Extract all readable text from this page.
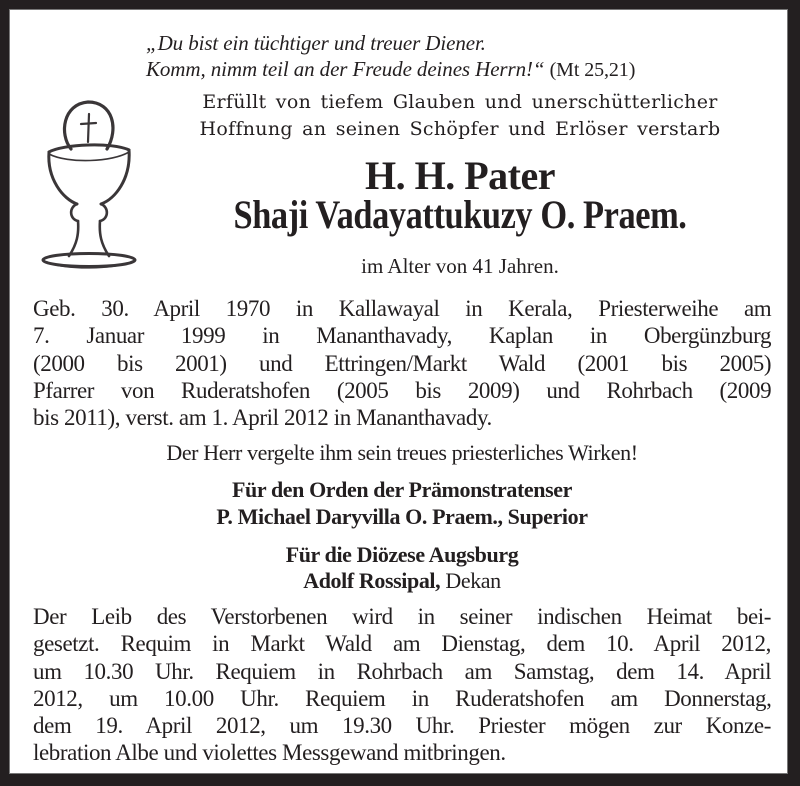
„Du bist ein tüchtiger und treuer Diener.
Komm, nimm teil an der Freude deines Herrn!“ (Mt 25,21)
Erfüllt von tiefem Glauben und unerschütterlicher
Hoffnung an seinen Schöpfer und Erlöser verstarb
H. H. Pater
Shaji Vadayattukuzy O. Praem.
im Alter von 41 Jahren.
Geb. 30. April 1970 in Kallawayal in Kerala, Priesterweihe am
7. Januar 1999 in Mananthavady, Kaplan in Obergünzburg
(2000 bis 2001) und Ettringen/Markt Wald (2001 bis 2005)
Pfarrer von Ruderatshofen (2005 bis 2009) und Rohrbach (2009
bis 2011), verst. am 1. April 2012 in Mananthavady.
Der Herr vergelte ihm sein treues priesterliches Wirken!
Für den Orden der Prämonstratenser
P. Michael Daryvilla O. Praem., Superior
Für die Diözese Augsburg
Adolf Rossipal, Dekan
Der Leib des Verstorbenen wird in seiner indischen Heimat bei-
gesetzt. Requim in Markt Wald am Dienstag, dem 10. April 2012,
um 10.30 Uhr. Requiem in Rohrbach am Samstag, dem 14. April
2012, um 10.00 Uhr. Requiem in Ruderatshofen am Donnerstag,
dem 19. April 2012, um 19.30 Uhr. Priester mögen zur Konze-
lebration Albe und violettes Messgewand mitbringen.
